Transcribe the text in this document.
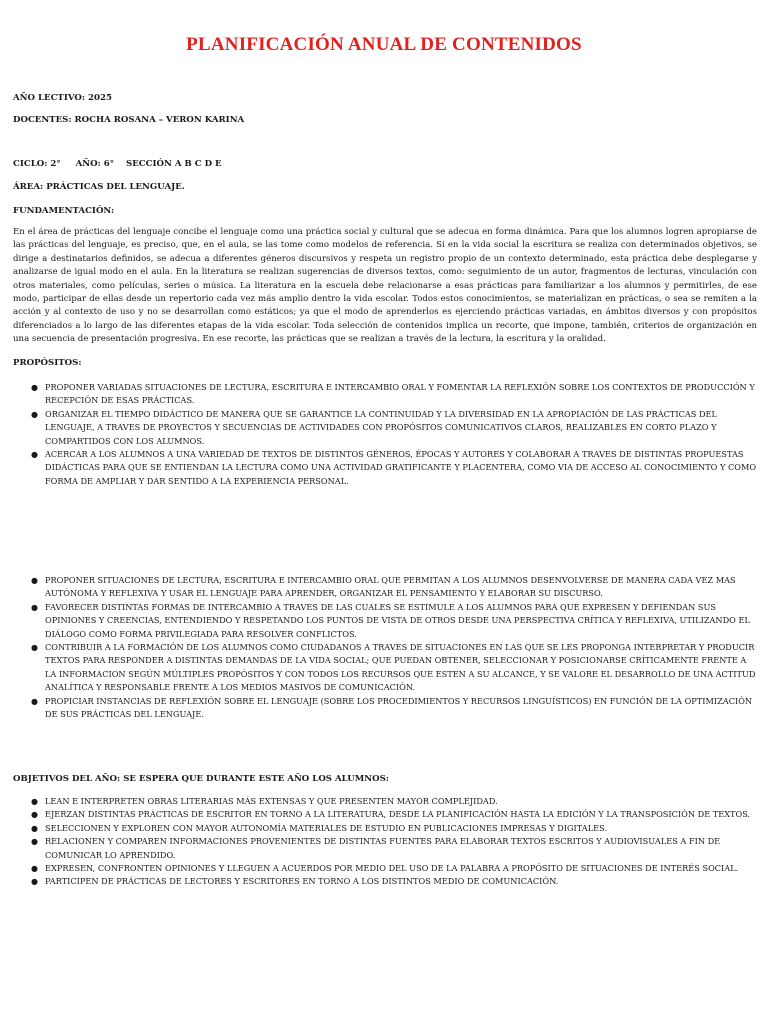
PLANIFICACIÓN ANUAL DE CONTENIDOS
AÑO LECTIVO: 2025
DOCENTES: ROCHA ROSANA – VERON KARINA
CICLO: 2°     AÑO: 6°    SECCIÓN A B C D E
ÁREA: PRÁCTICAS DEL LENGUAJE.
FUNDAMENTACIÓN:

En el área de prácticas del lenguaje concibe el lenguaje como una práctica social y cultural que se adecua en forma dinámica. Para que los alumnos logren apropiarse de las prácticas del lenguaje, es preciso, que, en el aula, se las tome como modelos de referencia. Si en la vida social la escritura se realiza con determinados objetivos, se dirige a destinatarios definidos, se adecua a diferentes géneros discursivos y respeta un registro propio de un contexto determinado, esta práctica debe desplegarse y analizarse de igual modo en el aula. En la literatura se realizan sugerencias de diversos textos, como: seguimiento de un autor, fragmentos de lecturas, vinculación con otros materiales, como películas, series o música. La literatura en la escuela debe relacionarse a esas prácticas para familiarizar a los alumnos y permitirles, de ese modo, participar de ellas desde un repertorio cada vez más amplio dentro la vida escolar. Todos estos conocimientos, se materializan en prácticas, o sea se remiten a la acción y al contexto de uso y no se desarrollan como estáticos; ya que el modo de aprenderlos es ejerciendo prácticas variadas, en ámbitos diversos y con propósitos diferenciados a lo largo de las diferentes etapas de la vida escolar. Toda selección de contenidos implica un recorte, que impone, también, criterios de organización en una secuencia de presentación progresiva. En ese recorte, las prácticas que se realizan a través de la lectura, la escritura y la oralidad.

PROPÓSITOS:
● PROPONER VARIADAS SITUACIONES DE LECTURA, ESCRITURA E INTERCAMBIO ORAL Y FOMENTAR LA REFLEXIÓN SOBRE LOS CONTEXTOS DE PRODUCCIÓN Y RECEPCIÓN DE ESAS PRÁCTICAS.
● ORGANIZAR EL TIEMPO DIDÁCTICO DE MANERA QUE SE GARANTICE LA CONTINUIDAD Y LA DIVERSIDAD EN LA APROPIACIÓN DE LAS PRÁCTICAS DEL LENGUAJE, A TRAVES DE PROYECTOS Y SECUENCIAS DE ACTIVIDADES CON PROPÓSITOS COMUNICATIVOS CLAROS, REALIZABLES EN CORTO PLAZO Y COMPARTIDOS CON LOS ALUMNOS.
● ACERCAR A LOS ALUMNOS A UNA VARIEDAD DE TEXTOS DE DISTINTOS GÉNEROS, ÉPOCAS Y AUTORES Y COLABORAR A TRAVES DE DISTINTAS PROPUESTAS DIDÁCTICAS PARA QUE SE ENTIENDAN LA LECTURA COMO UNA ACTIVIDAD GRATIFICANTE Y PLACENTERA, COMO VIA DE ACCESO AL CONOCIMIENTO Y COMO FORMA DE AMPLIAR Y DAR SENTIDO A LA EXPERIENCIA PERSONAL.
● PROPONER SITUACIONES DE LECTURA, ESCRITURA E INTERCAMBIO ORAL QUE PERMITAN A LOS ALUMNOS DESENVOLVERSE DE MANERA CADA VEZ MAS AUTÓNOMA Y REFLEXIVA Y USAR EL LENGUAJE PARA APRENDER, ORGANIZAR EL PENSAMIENTO Y ELABORAR SU DISCURSO.
● FAVORECER DISTINTAS FORMAS DE INTERCAMBIO A TRAVES DE LAS CUALES SE ESTIMULE A LOS ALUMNOS PARA QUE EXPRESEN Y DEFIENDAN SUS OPINIONES Y CREENCIAS, ENTENDIENDO Y RESPETANDO LOS PUNTOS DE VISTA DE OTROS DESDE UNA PERSPECTIVA CRÍTICA Y REFLEXIVA, UTILIZANDO EL DIÁLOGO COMO FORMA PRIVILEGIADA PARA RESOLVER CONFLICTOS.
● CONTRIBUIR A LA FORMACIÓN DE LOS ALUMNOS COMO CIUDADANOS A TRAVES DE SITUACIONES EN LAS QUE SE LES PROPONGA INTERPRETAR Y PRODUCIR TEXTOS PARA RESPONDER A DISTINTAS DEMANDAS DE LA VIDA SOCIAL; QUE PUEDAN OBTENER, SELECCIONAR Y POSICIONARSE CRÍTICAMENTE FRENTE A LA INFORMACION SEGÚN MÚLTIPLES PROPÓSITOS Y CON TODOS LOS RECURSOS QUE ESTEN A SU ALCANCE, Y SE VALORE EL DESARROLLO DE UNA ACTITUD ANALÍTICA Y RESPONSABLE FRENTE A LOS MEDIOS MASIVOS DE COMUNICACIÓN.
● PROPICIAR INSTANCIAS DE REFLEXIÓN SOBRE EL LENGUAJE (SOBRE LOS PROCEDIMIENTOS Y RECURSOS LINGUÍSTICOS) EN FUNCIÓN DE LA OPTIMIZACIÓN DE SUS PRÁCTICAS DEL LENGUAJE.
OBJETIVOS DEL AÑO: SE ESPERA QUE DURANTE ESTE AÑO LOS ALUMNOS:
● LEAN E INTERPRETEN OBRAS LITERARIAS MÁS EXTENSAS Y QUE PRESENTEN MAYOR COMPLEJIDAD.
● EJERZAN DISTINTAS PRÁCTICAS DE ESCRITOR EN TORNO A LA LITERATURA, DESDE LA PLANIFICACIÓN HASTA LA EDICIÓN Y LA TRANSPOSICIÓN DE TEXTOS.
● SELECCIONEN Y EXPLOREN CON MAYOR AUTONOMÍA MATERIALES DE ESTUDIO EN PUBLICACIONES IMPRESAS Y DIGITALES.
● RELACIONEN Y COMPAREN INFORMACIONES PROVENIENTES DE DISTINTAS FUENTES PARA ELABORAR TEXTOS ESCRITOS Y AUDIOVISUALES A FIN DE COMUNICAR LO APRENDIDO.
● EXPRESEN, CONFRONTEN OPINIONES Y LLEGUEN A ACUERDOS POR MEDIO DEL USO DE LA PALABRA A PROPÓSITO DE SITUACIONES DE INTERÉS SOCIAL.
● PARTICIPEN DE PRÁCTICAS DE LECTORES Y ESCRITORES EN TORNO A LOS DISTINTOS MEDIO DE COMUNICACIÓN.
